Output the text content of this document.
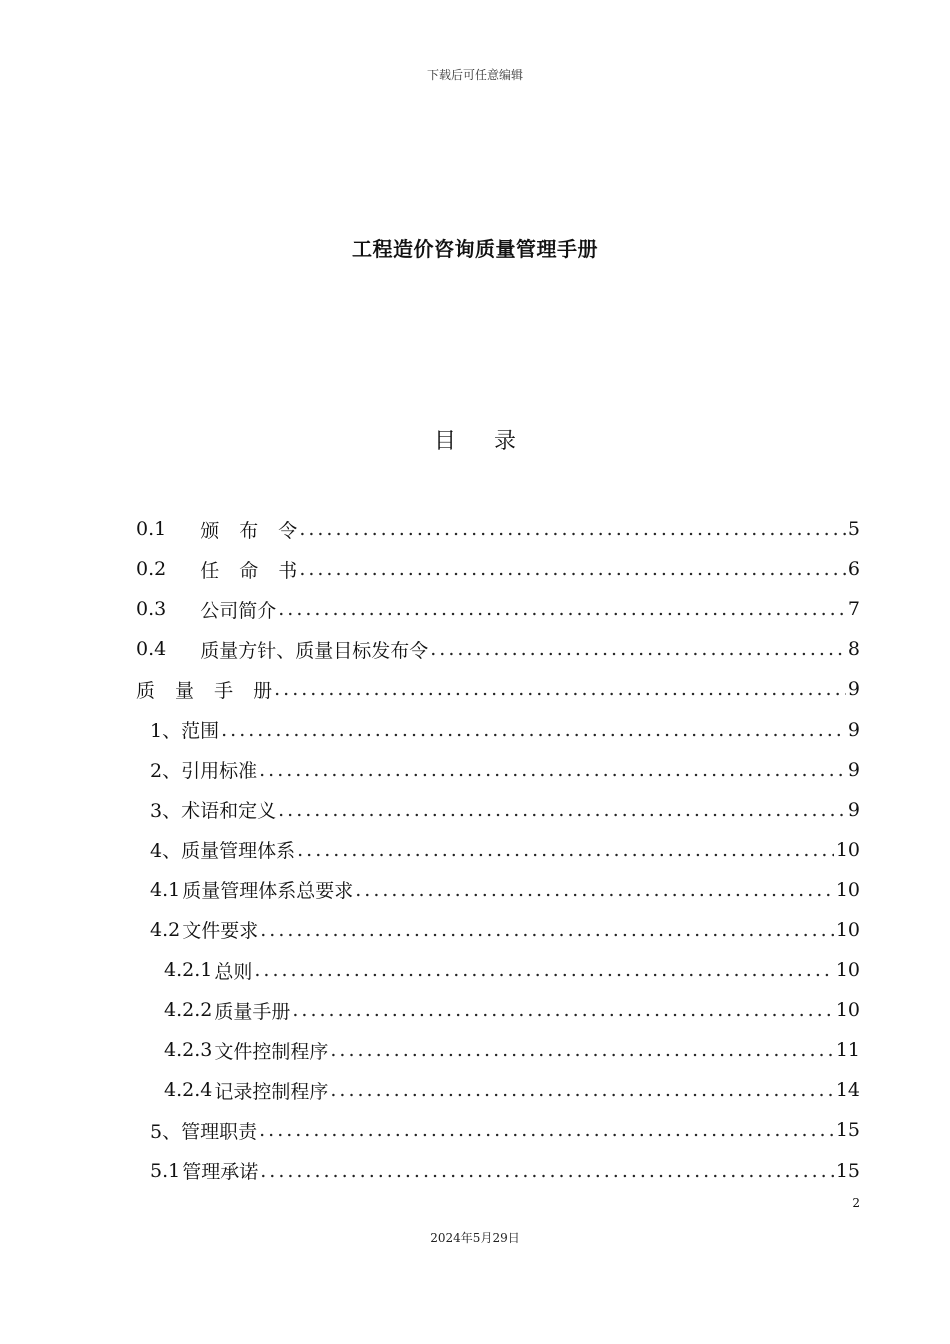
下载后可任意编辑
工程造价咨询质量管理手册
目录
0.1 颁 布 令 .....	5
0.2 任 命 书 .....	6
0.3 公司简介 .....	7
0.4 质量方针、质量目标发布令 .....	8
质 量 手 册 .....	9
1、 范围 .....	9
2、 引用标准 .....	9
3、 术语和定义 .....	9
4、 质量管理体系 .....	10
4.1 质量管理体系总要求 .....	10
4.2 文件要求 .....	10
4.2.1 总则 .....	10
4.2.2 质量手册 .....	10
4.2.3 文件控制程序 .....	11
4.2.4 记录控制程序 .....	14
5、 管理职责 .....	15
5.1 管理承诺 .....	15
2
2024年5月29日
